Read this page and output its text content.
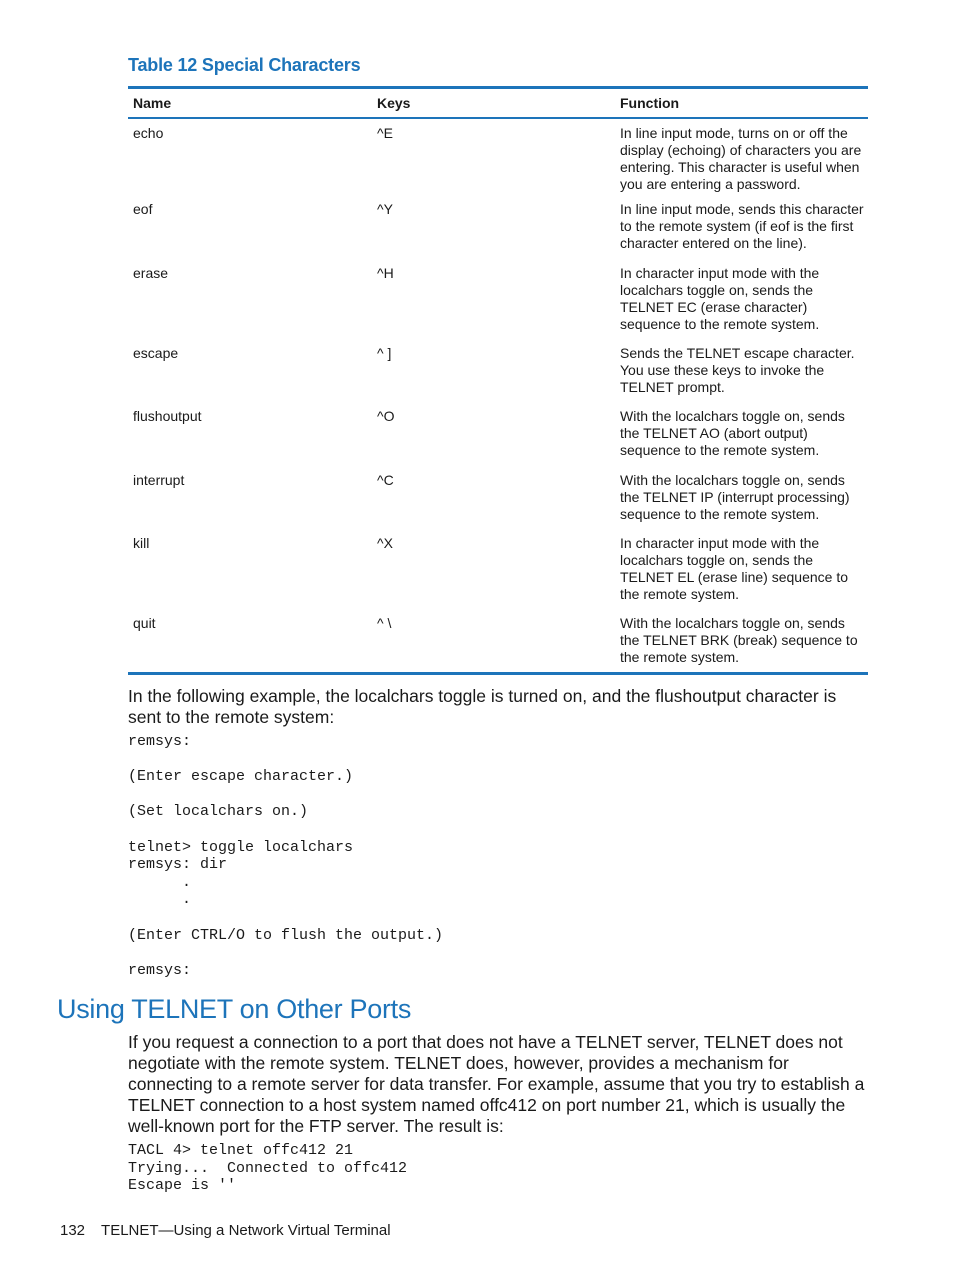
Table 12 Special Characters
Name	Keys	Function
echo	^E	In line input mode, turns on or off the display (echoing) of characters you are entering. This character is useful when you are entering a password.
eof	^Y	In line input mode, sends this character to the remote system (if eof is the first character entered on the line).
erase	^H	In character input mode with the localchars toggle on, sends the TELNET EC (erase character) sequence to the remote system.
escape	^ ]	Sends the TELNET escape character. You use these keys to invoke the TELNET prompt.
flushoutput	^O	With the localchars toggle on, sends the TELNET AO (abort output) sequence to the remote system.
interrupt	^C	With the localchars toggle on, sends the TELNET IP (interrupt processing) sequence to the remote system.
kill	^X	In character input mode with the localchars toggle on, sends the TELNET EL (erase line) sequence to the remote system.
quit	^ \	With the localchars toggle on, sends the TELNET BRK (break) sequence to the remote system.
In the following example, the localchars toggle is turned on, and the flushoutput character is sent to the remote system:
remsys:

(Enter escape character.)

(Set localchars on.)

telnet> toggle localchars
remsys: dir
.
.

(Enter CTRL/O to flush the output.)

remsys:
Using TELNET on Other Ports
If you request a connection to a port that does not have a TELNET server, TELNET does not negotiate with the remote system. TELNET does, however, provides a mechanism for connecting to a remote server for data transfer. For example, assume that you try to establish a TELNET connection to a host system named offc412 on port number 21, which is usually the well-known port for the FTP server. The result is:
TACL 4> telnet offc412 21
Trying...  Connected to offc412
Escape is ''
132 TELNET—Using a Network Virtual Terminal
